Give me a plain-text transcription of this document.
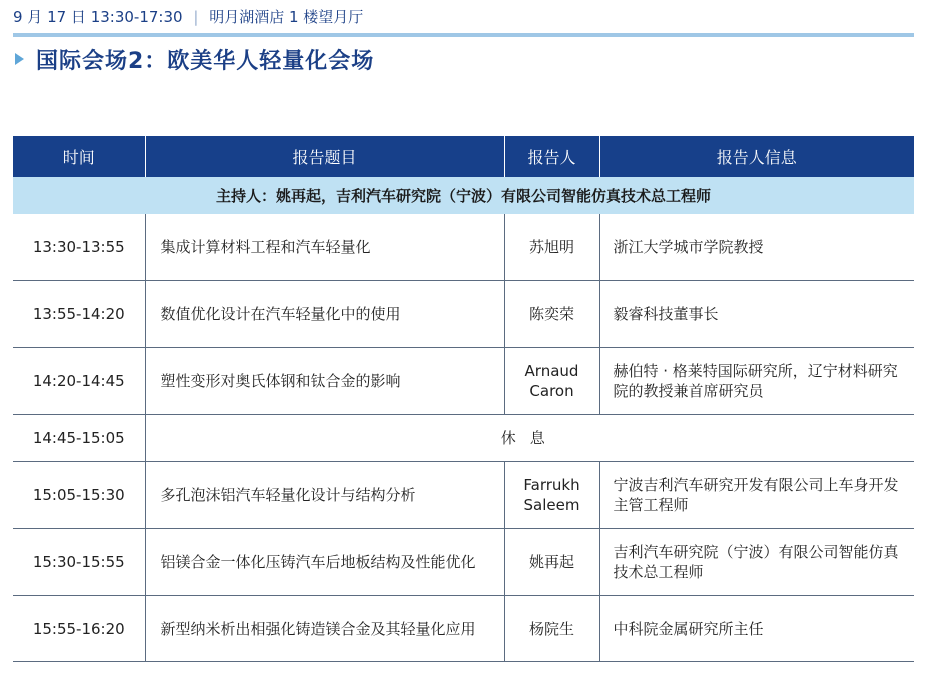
9 月 17 日 13:30-17:30 | 明月湖酒店 1 楼望月厅
国际会场2：欧美华人轻量化会场
时间	报告题目	报告人	报告人信息
主持人：姚再起，吉利汽车研究院（宁波）有限公司智能仿真技术总工程师			
13:30-13:55	集成计算材料工程和汽车轻量化	苏旭明	浙江大学城市学院教授
13:55-14:20	数值优化设计在汽车轻量化中的使用	陈奕荣	毅睿科技董事长
14:20-14:45	塑性变形对奥氏体钢和钛合金的影响	Arnaud Caron	赫伯特 · 格莱特国际研究所，辽宁材料研究院的教授兼首席研究员
14:45-15:05	休息		
15:05-15:30	多孔泡沫铝汽车轻量化设计与结构分析	Farrukh Saleem	宁波吉利汽车研究开发有限公司上车身开发主管工程师
15:30-15:55	铝镁合金一体化压铸汽车后地板结构及性能优化	姚再起	吉利汽车研究院（宁波）有限公司智能仿真技术总工程师
15:55-16:20	新型纳米析出相强化铸造镁合金及其轻量化应用	杨院生	中科院金属研究所主任
